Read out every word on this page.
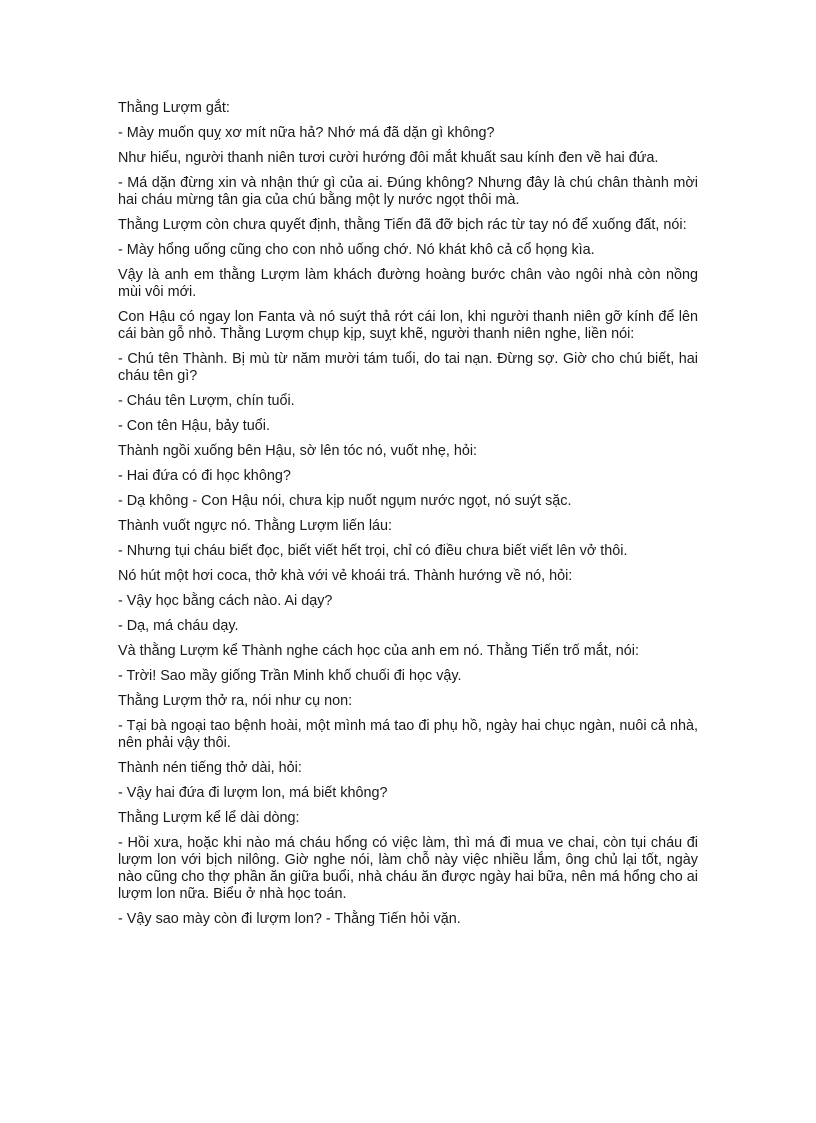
Thằng Lượm gắt:

- Mày muốn quỵ xơ mít nữa hả? Nhớ má đã dặn gì không?

Như hiểu, người thanh niên tươi cười hướng đôi mắt khuất sau kính đen về hai đứa.

- Má dặn đừng xin và nhận thứ gì của ai. Đúng không? Nhưng đây là chú chân thành mời hai cháu mừng tân gia của chú bằng một ly nước ngọt thôi mà.

Thằng Lượm còn chưa quyết định, thằng Tiến đã đỡ bịch rác từ tay nó để xuống đất, nói:

- Mày hổng uống cũng cho con nhỏ uống chớ. Nó khát khô cả cổ họng kìa.

Vậy là anh em thằng Lượm làm khách đường hoàng bước chân vào ngôi nhà còn nồng mùi vôi mới.

Con Hậu có ngay lon Fanta và nó suýt thả rớt cái lon, khi người thanh niên gỡ kính để lên cái bàn gỗ nhỏ. Thằng Lượm chụp kịp, suỵt khẽ, người thanh niên nghe, liền nói:

- Chú tên Thành. Bị mù từ năm mười tám tuổi, do tai nạn. Đừng sợ. Giờ cho chú biết, hai cháu tên gì?

- Cháu tên Lượm, chín tuổi.

- Con tên Hậu, bảy tuổi.

Thành ngồi xuống bên Hậu, sờ lên tóc nó, vuốt nhẹ, hỏi:

- Hai đứa có đi học không?

- Dạ không - Con Hậu nói, chưa kịp nuốt ngụm nước ngọt, nó suýt sặc.

Thành vuốt ngực nó. Thằng Lượm liến láu:

- Nhưng tụi cháu biết đọc, biết viết hết trọi, chỉ có điều chưa biết viết lên vở thôi.

Nó hút một hơi coca, thở khà với vẻ khoái trá. Thành hướng về nó, hỏi:

- Vậy học bằng cách nào. Ai dạy?

- Dạ, má cháu dạy.

Và thằng Lượm kể Thành nghe cách học của anh em nó. Thằng Tiến trố mắt, nói:

- Trời! Sao mầy giống Trần Minh khố chuối đi học vậy.

Thằng Lượm thở ra, nói như cụ non:

- Tại bà ngoại tao bệnh hoài, một mình má tao đi phụ hồ, ngày hai chục ngàn, nuôi cả nhà, nên phải vậy thôi.

Thành nén tiếng thở dài, hỏi:

- Vậy hai đứa đi lượm lon, má biết không?

Thằng Lượm kể lể dài dòng:

- Hồi xưa, hoặc khi nào má cháu hổng có việc làm, thì má đi mua ve chai, còn tụi cháu đi lượm lon với bịch nilông. Giờ nghe nói, làm chỗ này việc nhiều lắm, ông chủ lại tốt, ngày nào cũng cho thợ phần ăn giữa buổi, nhà cháu ăn được ngày hai bữa, nên má hổng cho ai lượm lon nữa. Biểu ở nhà học toán.

- Vậy sao mày còn đi lượm lon? - Thằng Tiến hỏi vặn.
